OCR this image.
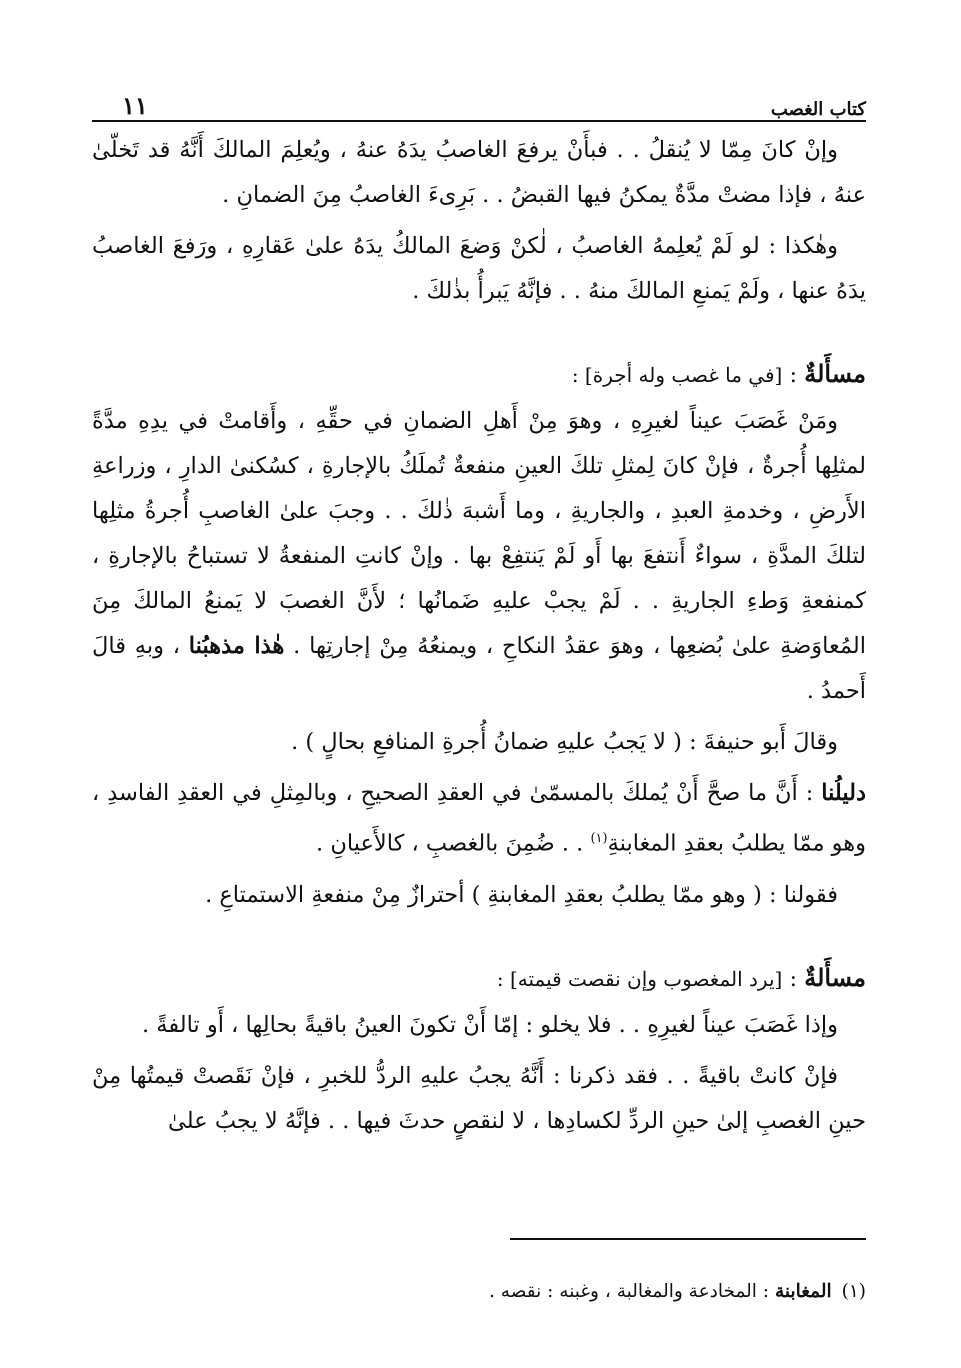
كتاب الغصب
١١

وإنْ كانَ مِمّا لا يُنقلُ . . فبأَنْ يرفعَ الغاصبُ يدَهُ عنهُ ، ويُعلِمَ المالكَ أَنَّهُ قد تَخلّىٰ عنهُ ، فإذا مضتْ مدَّةٌ يمكنُ فيها القبضُ . . بَرِىءَ الغاصبُ مِنَ الضمانِ .

وهٰكذا : لو لَمْ يُعلِمهُ الغاصبُ ، لٰكنْ وَضعَ المالكُ يدَهُ علىٰ عَقارِهِ ، ورَفعَ الغاصبُ يدَهُ عنها ، ولَمْ يَمنعِ المالكَ منهُ . . فإنَّهُ يَبرأُ بذٰلكَ .

مسأَلةٌ : [في ما غصب وله أجرة] :

ومَنْ غَصَبَ عيناً لغيرِهِ ، وهوَ مِنْ أَهلِ الضمانِ في حقِّهِ ، وأَقامتْ في يدِهِ مدَّةً لمثلِها أُجرةٌ ، فإنْ كانَ لِمثلِ تلكَ العينِ منفعةٌ تُملَكُ بالإجارةِ ، كسُكنىٰ الدارِ ، وزراعةِ الأَرضِ ، وخدمةِ العبدِ ، والجاريةِ ، وما أَشبهَ ذٰلكَ . . وجبَ علىٰ الغاصبِ أُجرةُ مثلِها لتلكَ المدَّةِ ، سواءٌ أَنتفعَ بها أَو لَمْ يَنتفِعْ بها . وإنْ كانتِ المنفعةُ لا تستباحُ بالإجارةِ ، كمنفعةِ وَطءِ الجاريةِ . . لَمْ يجبْ عليهِ ضَمانُها ؛ لأَنَّ الغصبَ لا يَمنعُ المالكَ مِنَ المُعاوَضةِ علىٰ بُضعِها ، وهوَ عقدُ النكاحِ ، ويمنعُهُ مِنْ إجارتِها . هٰذا مذهبُنا ، وبهِ قالَ أَحمدُ .

وقالَ أَبو حنيفةَ : ( لا يَجبُ عليهِ ضمانُ أُجرةِ المنافعِ بحالٍ ) .

دليلُنا : أَنَّ ما صحَّ أَنْ يُملكَ بالمسمّىٰ في العقدِ الصحيحِ ، وبالمِثلِ في العقدِ الفاسدِ ، وهو ممّا يطلبُ بعقدِ المغابنةِ$^{(١)}$ . . ضُمِنَ بالغصبِ ، كالأَعيانِ .

فقولنا : ( وهو ممّا يطلبُ بعقدِ المغابنةِ ) أحترازٌ مِنْ منفعةِ الاستمتاعِ .

مسأَلةٌ : [يرد المغصوب وإن نقصت قيمته] :

وإذا غَصَبَ عيناً لغيرِهِ . . فلا يخلو : إمّا أَنْ تكونَ العينُ باقيةً بحالِها ، أَو تالفةً .

فإنْ كانتْ باقيةً . . فقد ذكرنا : أَنَّهُ يجبُ عليهِ الردُّ للخبرِ ، فإنْ نَقَصتْ قيمتُها مِنْ حينِ الغصبِ إلىٰ حينِ الردِّ لكسادِها ، لا لنقصٍ حدثَ فيها . . فإنَّهُ لا يجبُ علىٰ

(١)المغابنة : المخادعة والمغالبة ، وغبنه : نقصه .
